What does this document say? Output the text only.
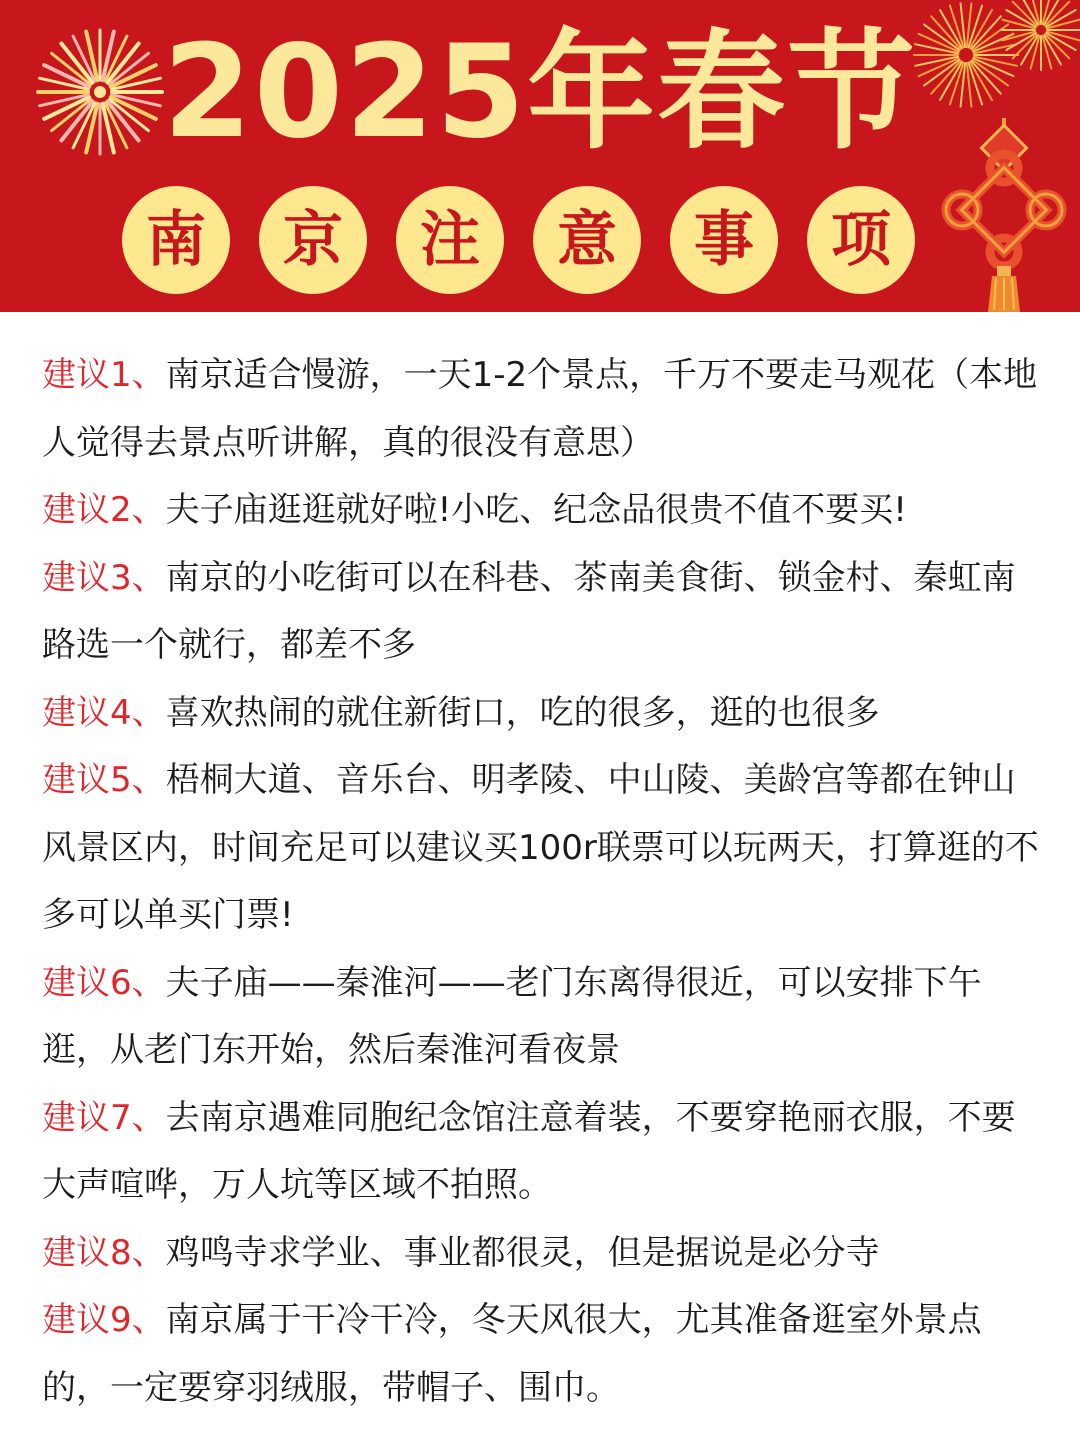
2025年春节
南	京	注	意	事	项

建议1、南京适合慢游，一天1-2个景点，千万不要走马观花（本地人觉得去景点听讲解，真的很没有意思）

建议2、夫子庙逛逛就好啦!小吃、纪念品很贵不值不要买!

建议3、南京的小吃街可以在科巷、茶南美食街、锁金村、秦虹南路选一个就行，都差不多

建议4、喜欢热闹的就住新街口，吃的很多，逛的也很多

建议5、梧桐大道、音乐台、明孝陵、中山陵、美龄宫等都在钟山风景区内，时间充足可以建议买100r联票可以玩两天，打算逛的不多可以单买门票!

建议6、夫子庙——秦淮河——老门东离得很近，可以安排下午逛，从老门东开始，然后秦淮河看夜景

建议7、去南京遇难同胞纪念馆注意着装，不要穿艳丽衣服，不要大声喧哗，万人坑等区域不拍照。

建议8、鸡鸣寺求学业、事业都很灵，但是据说是必分寺

建议9、南京属于干冷干冷，冬天风很大，尤其准备逛室外景点的，一定要穿羽绒服，带帽子、围巾。
